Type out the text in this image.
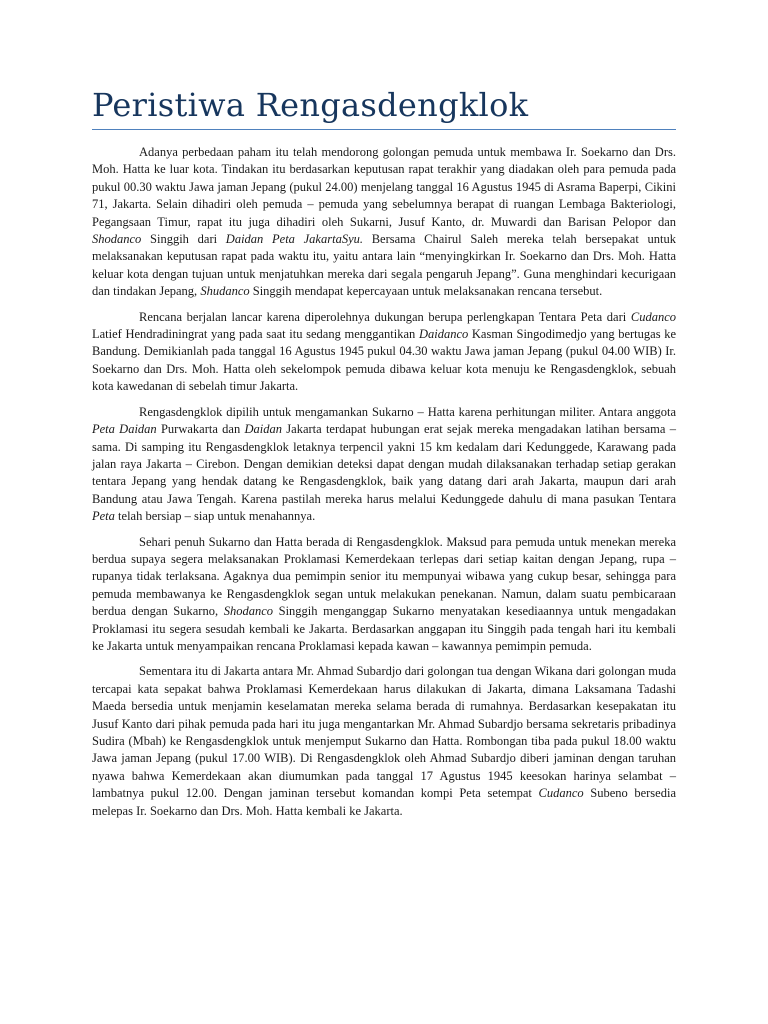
Peristiwa Rengasdengklok

Adanya perbedaan paham itu telah mendorong golongan pemuda untuk membawa Ir. Soekarno dan Drs. Moh. Hatta ke luar kota. Tindakan itu berdasarkan keputusan rapat terakhir yang diadakan oleh para pemuda pada pukul 00.30 waktu Jawa jaman Jepang (pukul 24.00) menjelang tanggal 16 Agustus 1945 di Asrama Baperpi, Cikini 71, Jakarta. Selain dihadiri oleh pemuda – pemuda yang sebelumnya berapat di ruangan Lembaga Bakteriologi, Pegangsaan Timur, rapat itu juga dihadiri oleh Sukarni, Jusuf Kanto, dr. Muwardi dan Barisan Pelopor dan Shodanco Singgih dari Daidan Peta JakartaSyu. Bersama Chairul Saleh mereka telah bersepakat untuk melaksanakan keputusan rapat pada waktu itu, yaitu antara lain “menyingkirkan Ir. Soekarno dan Drs. Moh. Hatta keluar kota dengan tujuan untuk menjatuhkan mereka dari segala pengaruh Jepang”. Guna menghindari kecurigaan dan tindakan Jepang, Shudanco Singgih mendapat kepercayaan untuk melaksanakan rencana tersebut.

Rencana berjalan lancar karena diperolehnya dukungan berupa perlengkapan Tentara Peta dari Cudanco Latief Hendradiningrat yang pada saat itu sedang menggantikan Daidanco Kasman Singodimedjo yang bertugas ke Bandung. Demikianlah pada tanggal 16 Agustus 1945 pukul 04.30 waktu Jawa jaman Jepang (pukul 04.00 WIB) Ir. Soekarno dan Drs. Moh. Hatta oleh sekelompok pemuda dibawa keluar kota menuju ke Rengasdengklok, sebuah kota kawedanan di sebelah timur Jakarta.

Rengasdengklok dipilih untuk mengamankan Sukarno – Hatta karena perhitungan militer. Antara anggota Peta Daidan Purwakarta dan Daidan Jakarta terdapat hubungan erat sejak mereka mengadakan latihan bersama – sama. Di samping itu Rengasdengklok letaknya terpencil yakni 15 km kedalam dari Kedunggede, Karawang pada jalan raya Jakarta – Cirebon. Dengan demikian deteksi dapat dengan mudah dilaksanakan terhadap setiap gerakan tentara Jepang yang hendak datang ke Rengasdengklok, baik yang datang dari arah Jakarta, maupun dari arah Bandung atau Jawa Tengah. Karena pastilah mereka harus melalui Kedunggede dahulu di mana pasukan Tentara Peta telah bersiap – siap untuk menahannya.

Sehari penuh Sukarno dan Hatta berada di Rengasdengklok. Maksud para pemuda untuk menekan mereka berdua supaya segera melaksanakan Proklamasi Kemerdekaan terlepas dari setiap kaitan dengan Jepang, rupa – rupanya tidak terlaksana. Agaknya dua pemimpin senior itu mempunyai wibawa yang cukup besar, sehingga para pemuda membawanya ke Rengasdengklok segan untuk melakukan penekanan. Namun, dalam suatu pembicaraan berdua dengan Sukarno, Shodanco Singgih menganggap Sukarno menyatakan kesediaannya untuk mengadakan Proklamasi itu segera sesudah kembali ke Jakarta. Berdasarkan anggapan itu Singgih pada tengah hari itu kembali ke Jakarta untuk menyampaikan rencana Proklamasi kepada kawan – kawannya pemimpin pemuda.

Sementara itu di Jakarta antara Mr. Ahmad Subardjo dari golongan tua dengan Wikana dari golongan muda tercapai kata sepakat bahwa Proklamasi Kemerdekaan harus dilakukan di Jakarta, dimana Laksamana Tadashi Maeda bersedia untuk menjamin keselamatan mereka selama berada di rumahnya. Berdasarkan kesepakatan itu Jusuf Kanto dari pihak pemuda pada hari itu juga mengantarkan Mr. Ahmad Subardjo bersama sekretaris pribadinya Sudira (Mbah) ke Rengasdengklok untuk menjemput Sukarno dan Hatta. Rombongan tiba pada pukul 18.00 waktu Jawa jaman Jepang (pukul 17.00 WIB). Di Rengasdengklok oleh Ahmad Subardjo diberi jaminan dengan taruhan nyawa bahwa Kemerdekaan akan diumumkan pada tanggal 17 Agustus 1945 keesokan harinya selambat – lambatnya pukul 12.00. Dengan jaminan tersebut komandan kompi Peta setempat Cudanco Subeno bersedia melepas Ir. Soekarno dan Drs. Moh. Hatta kembali ke Jakarta.
